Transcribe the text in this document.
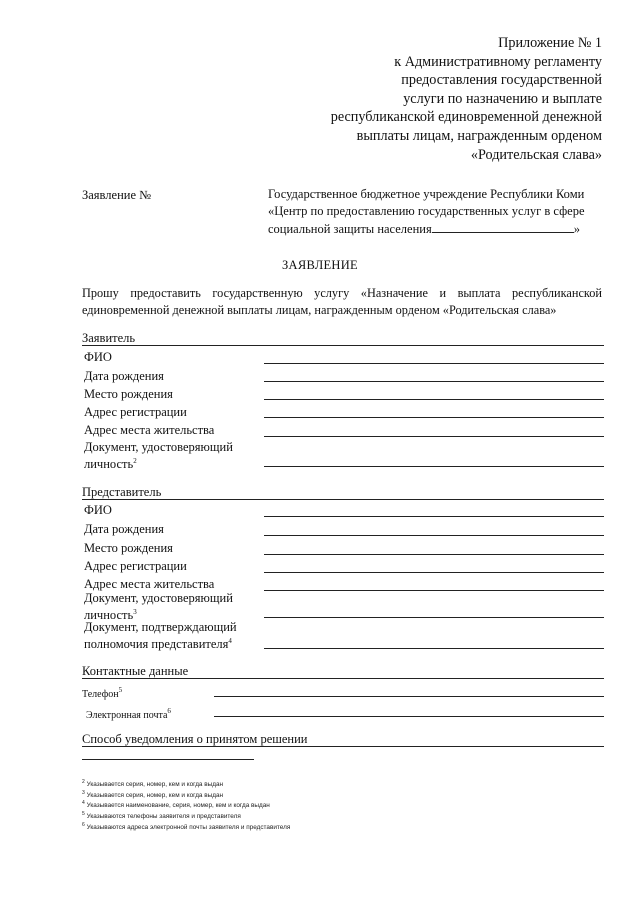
Приложение № 1
к Административному регламенту
предоставления государственной
услуги по назначению и выплате
республиканской единовременной денежной
выплаты лицам, награжденным орденом
«Родительская слава»
Заявление №	Государственное бюджетное учреждение Республики Коми
«Центр по предоставлению государственных услуг в сфере
социальной защиты населения	»
ЗАЯВЛЕНИЕ
Прошу предоставить государственную услугу «Назначение и выплата республиканской единовременной денежной выплаты лицам, награжденным орденом «Родительская слава»
Заявитель
ФИО
Дата рождения
Место рождения
Адрес регистрации
Адрес места жительства
Документ, удостоверяющий
личность$^2$
Представитель
ФИО
Дата рождения
Место рождения
Адрес регистрации
Адрес места жительства
Документ, удостоверяющий
личность$^3$
Документ, подтверждающий
полномочия представителя$^4$
Контактные данные
Телефон$^5$
Электронная почта$^6$
Способ уведомления о принятом решении
$^2$ Указывается серия, номер, кем и когда выдан
$^3$ Указывается серия, номер, кем и когда выдан
$^4$ Указывается наименование, серия, номер, кем и когда выдан
$^5$ Указываются телефоны заявителя и представителя
$^6$ Указываются адреса электронной почты заявителя и представителя
